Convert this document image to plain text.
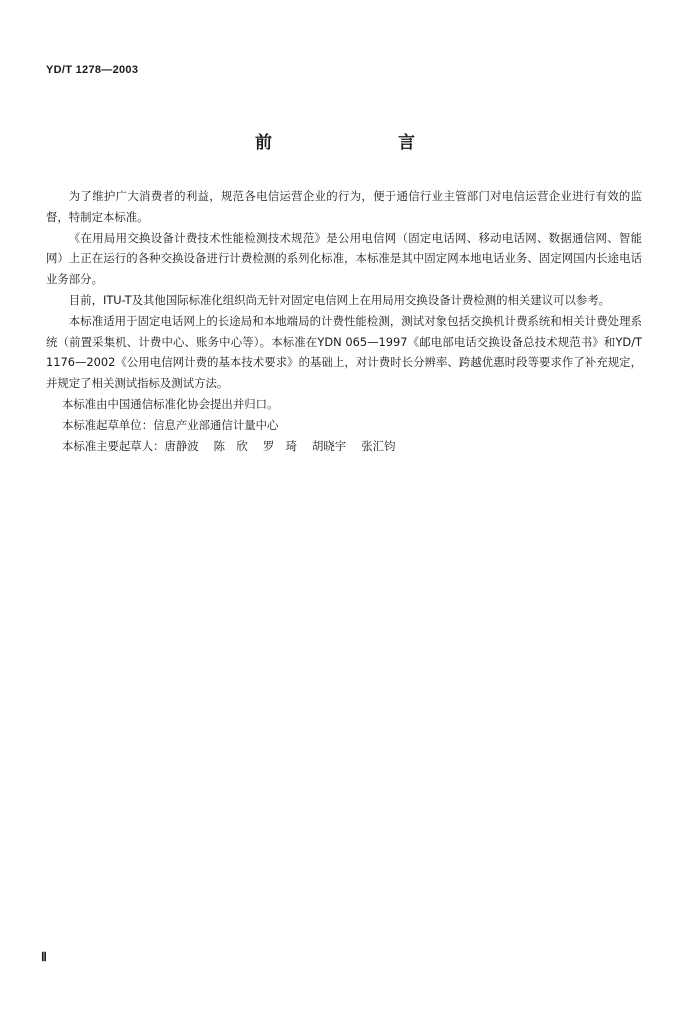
YD/T 1278—2003
前 言

为了维护广大消费者的利益，规范各电信运营企业的行为，便于通信行业主管部门对电信运营企业进行有效的监督，特制定本标准。

《在用局用交换设备计费技术性能检测技术规范》是公用电信网（固定电话网、移动电话网、数据通信网、智能网）上正在运行的各种交换设备进行计费检测的系列化标准，本标准是其中固定网本地电话业务、固定网国内长途电话业务部分。

目前，ITU-T及其他国际标准化组织尚无针对固定电信网上在用局用交换设备计费检测的相关建议可以参考。

本标准适用于固定电话网上的长途局和本地端局的计费性能检测，测试对象包括交换机计费系统和相关计费处理系统（前置采集机、计费中心、账务中心等）。本标准在YDN 065—1997《邮电部电话交换设备总技术规范书》和YD/T 1176—2002《公用电信网计费的基本技术要求》的基础上，对计费时长分辨率、跨越优惠时段等要求作了补充规定，并规定了相关测试指标及测试方法。

本标准由中国通信标准化协会提出并归口。

本标准起草单位：信息产业部通信计量中心

本标准主要起草人：唐静波　 陈　欣　 罗　琦　 胡晓宇　 张汇钧

Ⅱ
